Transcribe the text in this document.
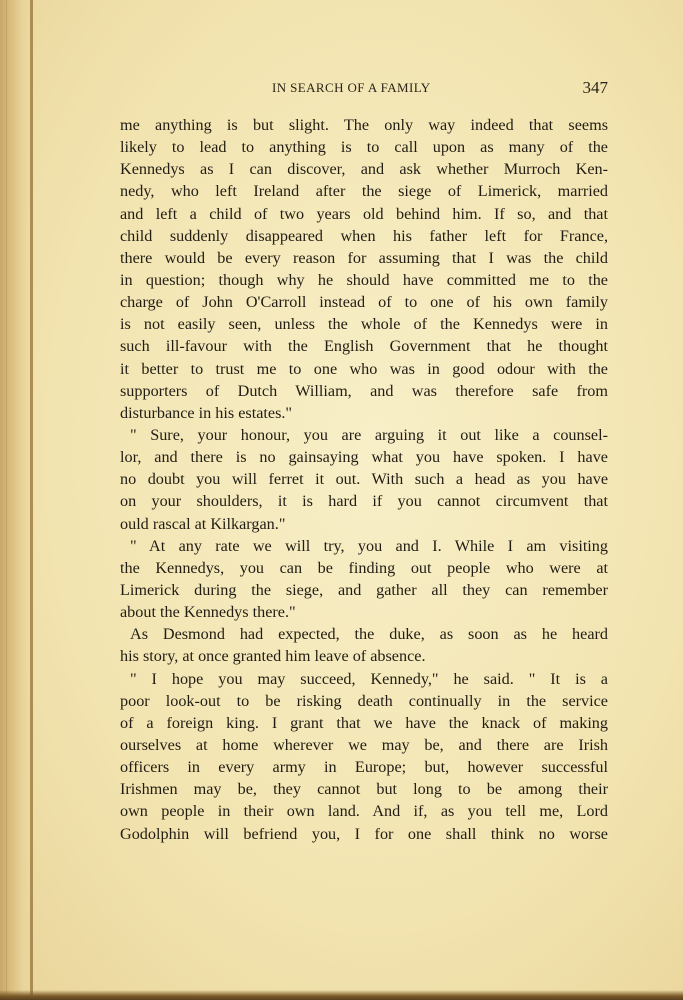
IN SEARCH OF A FAMILY	347
me anything is but slight. The only way indeed that seems
likely to lead to anything is to call upon as many of the
Kennedys as I can discover, and ask whether Murroch Ken-
nedy, who left Ireland after the siege of Limerick, married
and left a child of two years old behind him. If so, and that
child suddenly disappeared when his father left for France,
there would be every reason for assuming that I was the child
in question; though why he should have committed me to the
charge of John O'Carroll instead of to one of his own family
is not easily seen, unless the whole of the Kennedys were in
such ill-favour with the English Government that he thought
it better to trust me to one who was in good odour with the
supporters of Dutch William, and was therefore safe from
disturbance in his estates."
" Sure, your honour, you are arguing it out like a counsel-
lor, and there is no gainsaying what you have spoken. I have
no doubt you will ferret it out. With such a head as you have
on your shoulders, it is hard if you cannot circumvent that
ould rascal at Kilkargan."
" At any rate we will try, you and I. While I am visiting
the Kennedys, you can be finding out people who were at
Limerick during the siege, and gather all they can remember
about the Kennedys there."
As Desmond had expected, the duke, as soon as he heard
his story, at once granted him leave of absence.
" I hope you may succeed, Kennedy," he said. " It is a
poor look-out to be risking death continually in the service
of a foreign king. I grant that we have the knack of making
ourselves at home wherever we may be, and there are Irish
officers in every army in Europe; but, however successful
Irishmen may be, they cannot but long to be among their
own people in their own land. And if, as you tell me, Lord
Godolphin will befriend you, I for one shall think no worse
